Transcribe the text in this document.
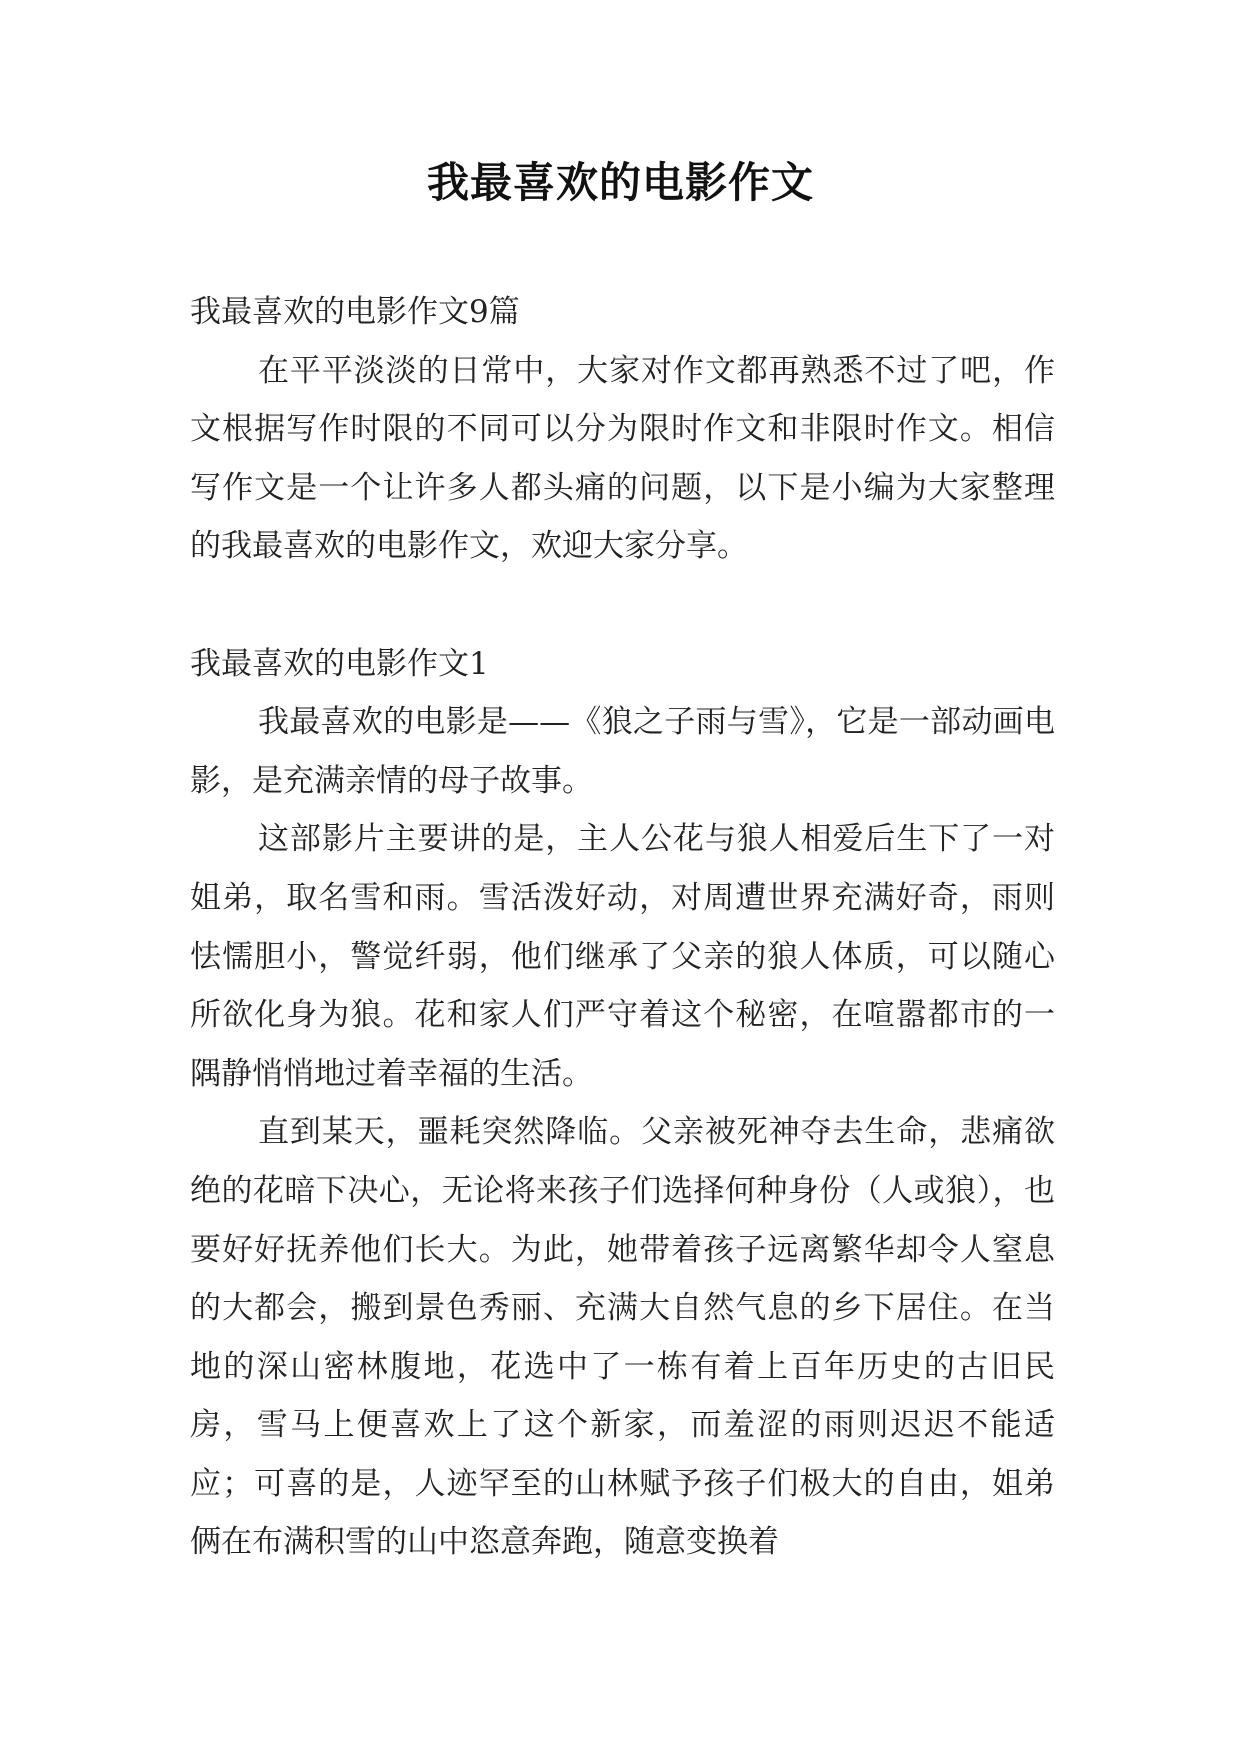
我最喜欢的电影作文

我最喜欢的电影作文9篇

在平平淡淡的日常中，大家对作文都再熟悉不过了吧，作文根据写作时限的不同可以分为限时作文和非限时作文。相信写作文是一个让许多人都头痛的问题，以下是小编为大家整理的我最喜欢的电影作文，欢迎大家分享。

我最喜欢的电影作文1

我最喜欢的电影是——《狼之子雨与雪》，它是一部动画电影，是充满亲情的母子故事。

这部影片主要讲的是，主人公花与狼人相爱后生下了一对姐弟，取名雪和雨。雪活泼好动，对周遭世界充满好奇，雨则怯懦胆小，警觉纤弱，他们继承了父亲的狼人体质，可以随心所欲化身为狼。花和家人们严守着这个秘密，在喧嚣都市的一隅静悄悄地过着幸福的生活。

直到某天，噩耗突然降临。父亲被死神夺去生命，悲痛欲绝的花暗下决心，无论将来孩子们选择何种身份（人或狼），也要好好抚养他们长大。为此，她带着孩子远离繁华却令人窒息的大都会，搬到景色秀丽、充满大自然气息的乡下居住。在当地的深山密林腹地，花选中了一栋有着上百年历史的古旧民房，雪马上便喜欢上了这个新家，而羞涩的雨则迟迟不能适应；可喜的是，人迹罕至的山林赋予孩子们极大的自由，姐弟俩在布满积雪的山中恣意奔跑，随意变换着
